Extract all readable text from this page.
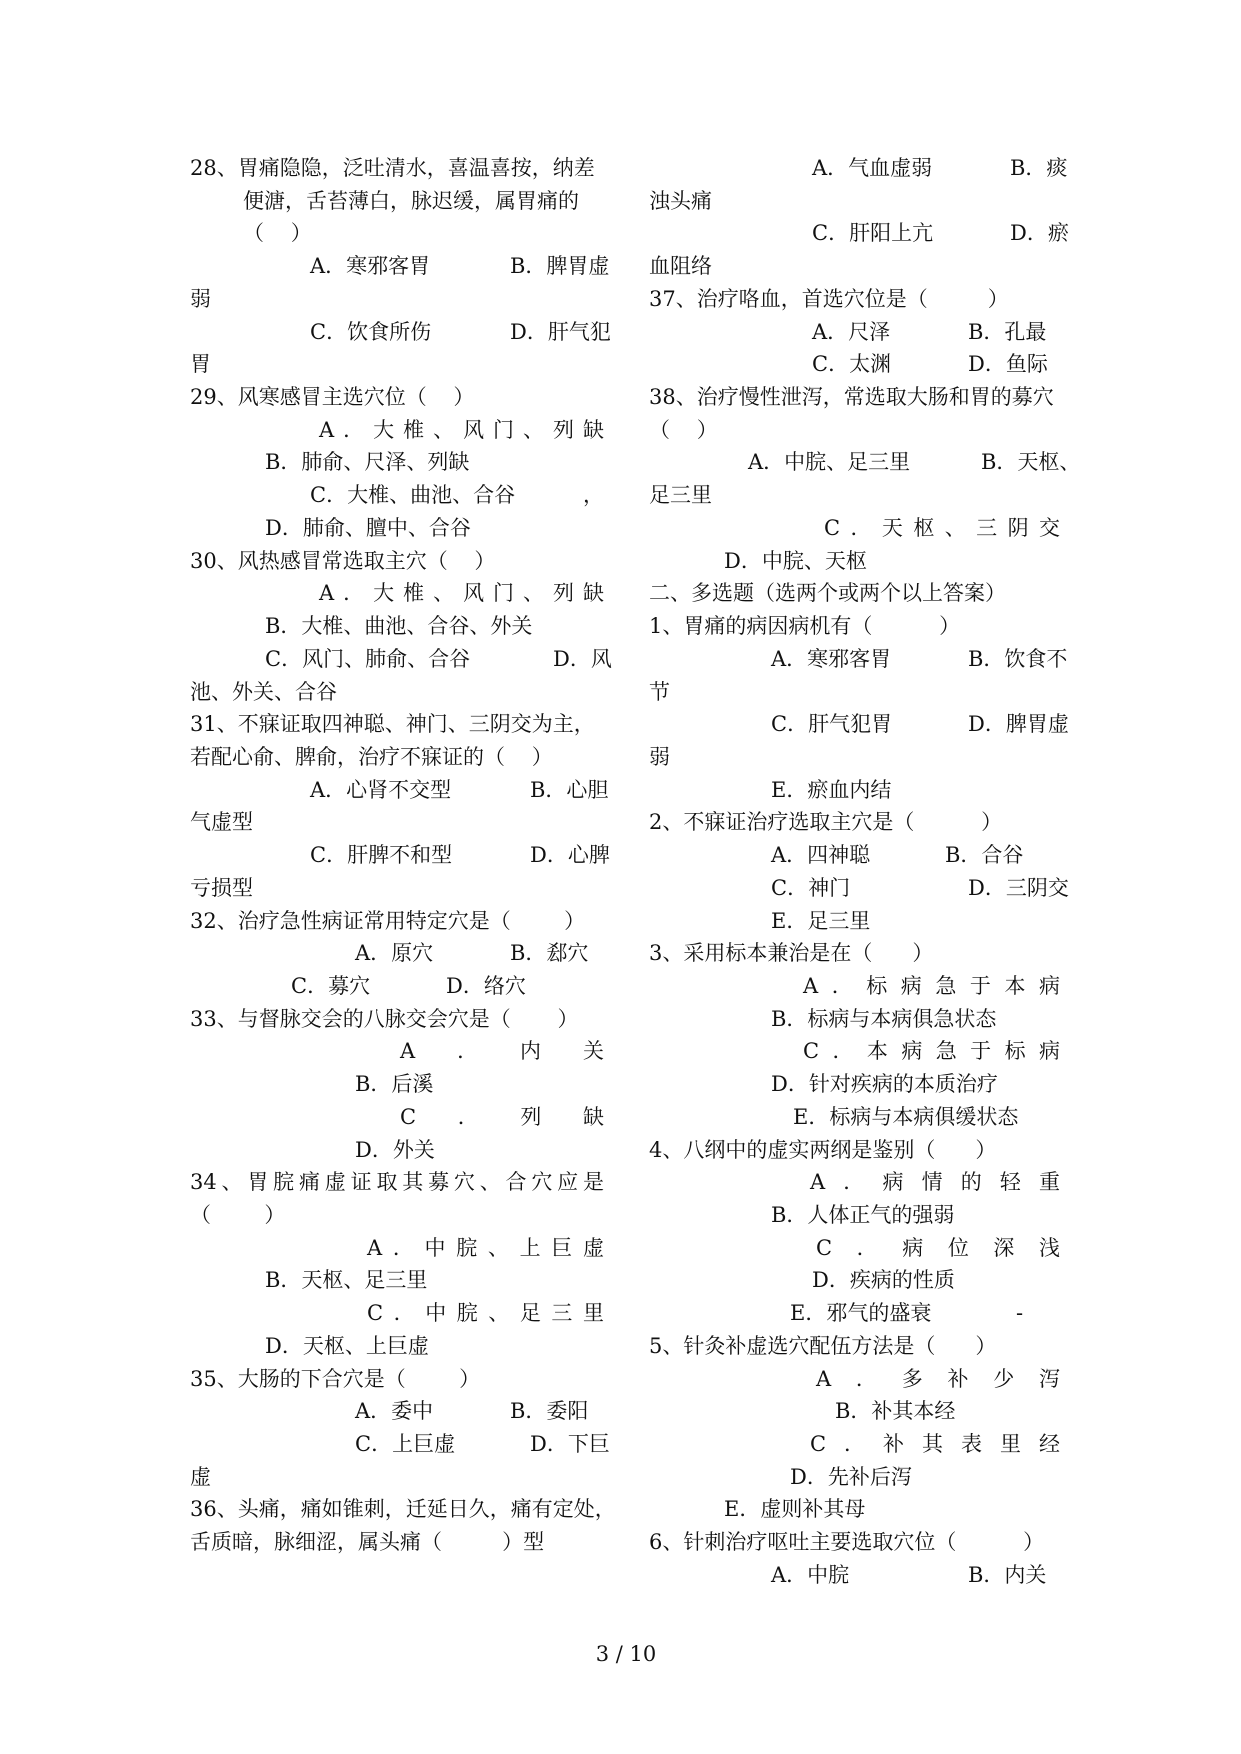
28、胃痛隐隐，泛吐清水，喜温喜按，纳差
便溏，舌苔薄白，脉迟缓，属胃痛的
（    ）
A．寒邪客胃	B．脾胃虚
弱
C．饮食所伤	D．肝气犯
胃
29、风寒感冒主选穴位（    ）
A．大椎、风门、列缺
B．肺俞、尺泽、列缺
C．大椎、曲池、合谷	，
D．肺俞、膻中、合谷
30、风热感冒常选取主穴（    ）
A．大椎、风门、列缺
B．大椎、曲池、合谷、外关
C．风门、肺俞、合谷	D．风
池、外关、合谷
31、不寐证取四神聪、神门、三阴交为主，
若配心俞、脾俞，治疗不寐证的（    ）
A．心肾不交型	B．心胆
气虚型
C．肝脾不和型	D．心脾
亏损型
32、治疗急性病证常用特定穴是（        ）
A．原穴	B．郄穴
C．募穴	D．络穴
33、与督脉交会的八脉交会穴是（       ）
A．内关
B．后溪
C．列缺
D．外关
34、胃脘痛虚证取其募穴、合穴应是
（        ）
A．中脘、上巨虚
B．天枢、足三里
C．中脘、足三里
D．天枢、上巨虚
35、大肠的下合穴是（        ）
A．委中	B．委阳
C．上巨虚	D．下巨
虚
36、头痛，痛如锥刺，迁延日久，痛有定处，
舌质暗，脉细涩，属头痛（         ）型
A．气血虚弱	B．痰
浊头痛
C．肝阳上亢	D．瘀
血阻络
37、治疗咯血，首选穴位是（         ）
A．尺泽	B．孔最
C．太渊	D．鱼际
38、治疗慢性泄泻，常选取大肠和胃的募穴
（    ）
A．中脘、足三里	B．天枢、
足三里
C．天枢、三阴交
D．中脘、天枢
二、多选题（选两个或两个以上答案）
1、胃痛的病因病机有（          ）
A．寒邪客胃	B．饮食不
节
C．肝气犯胃	D．脾胃虚
弱
E．瘀血内结
2、不寐证治疗选取主穴是（          ）
A．四神聪	B．合谷
C．神门	D．三阴交
E．足三里
3、采用标本兼治是在（      ）
A．标病急于本病
B．标病与本病俱急状态
C．本病急于标病
D．针对疾病的本质治疗
E．标病与本病俱缓状态
4、八纲中的虚实两纲是鉴别（      ）
A．病情的轻重
B．人体正气的强弱
C．病位深浅
D．疾病的性质
E．邪气的盛衰	-
5、针灸补虚选穴配伍方法是（      ）
A．多补少泻
B．补其本经
C．补其表里经
D．先补后泻
E．虚则补其母
6、针刺治疗呕吐主要选取穴位（          ）
A．中脘	B．内关
3 / 10
